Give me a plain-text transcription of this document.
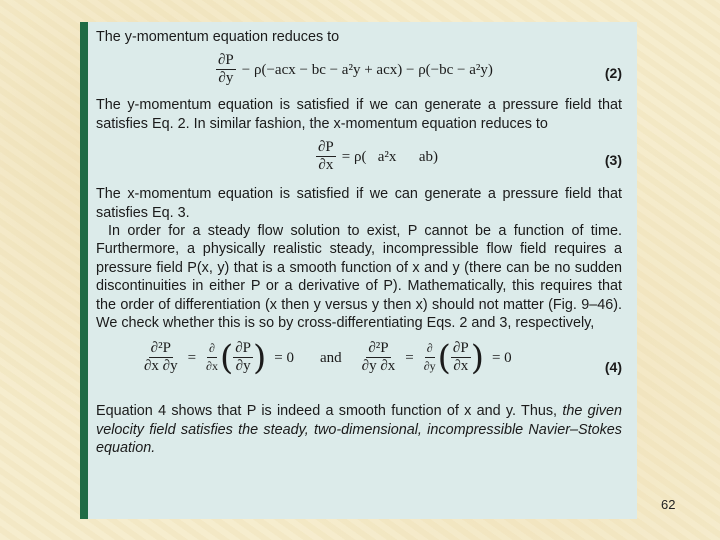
The y-momentum equation reduces to

$\frac{\partial P}{\partial y} - \rho(-acx$ − bc − a²y + acx) − ρ(−bc − a²y)	(2)

The y-momentum equation is satisfied if we can generate a pressure field that satisfies Eq. 2. In similar fashion, the x-momentum equation reduces to

$\frac{\partial P}{\partial x} = \rho$(   a²x      ab)	(3)

The x-momentum equation is satisfied if we can generate a pressure field that satisfies Eq. 3.

In order for a steady flow solution to exist, P cannot be a function of time. Furthermore, a physically realistic steady, incompressible flow field requires a pressure field P(x, y) that is a smooth function of x and y (there can be no sudden discontinuities in either P or a derivative of P). Mathematically, this requires that the order of differentiation (x then y versus y then x) should not matter (Fig. 9–46). We check whether this is so by cross-differentiating Eqs. 2 and 3, respectively,

$\frac{\text{∂²P}}{\partial x \partial y} = \frac{\partial}{\partial x}$ ( $\frac{\partial P}{\partial y}$ ) = 0 and $\frac{\text{∂²P}}{\partial y \partial x} = \frac{\partial}{\partial y}$ ( $\frac{\partial P}{\partial x}$ ) = 0
(4)

Equation 4 shows that P is indeed a smooth function of x and y. Thus, the given velocity field satisfies the steady, two-dimensional, incompressible Navier–Stokes equation.

62
